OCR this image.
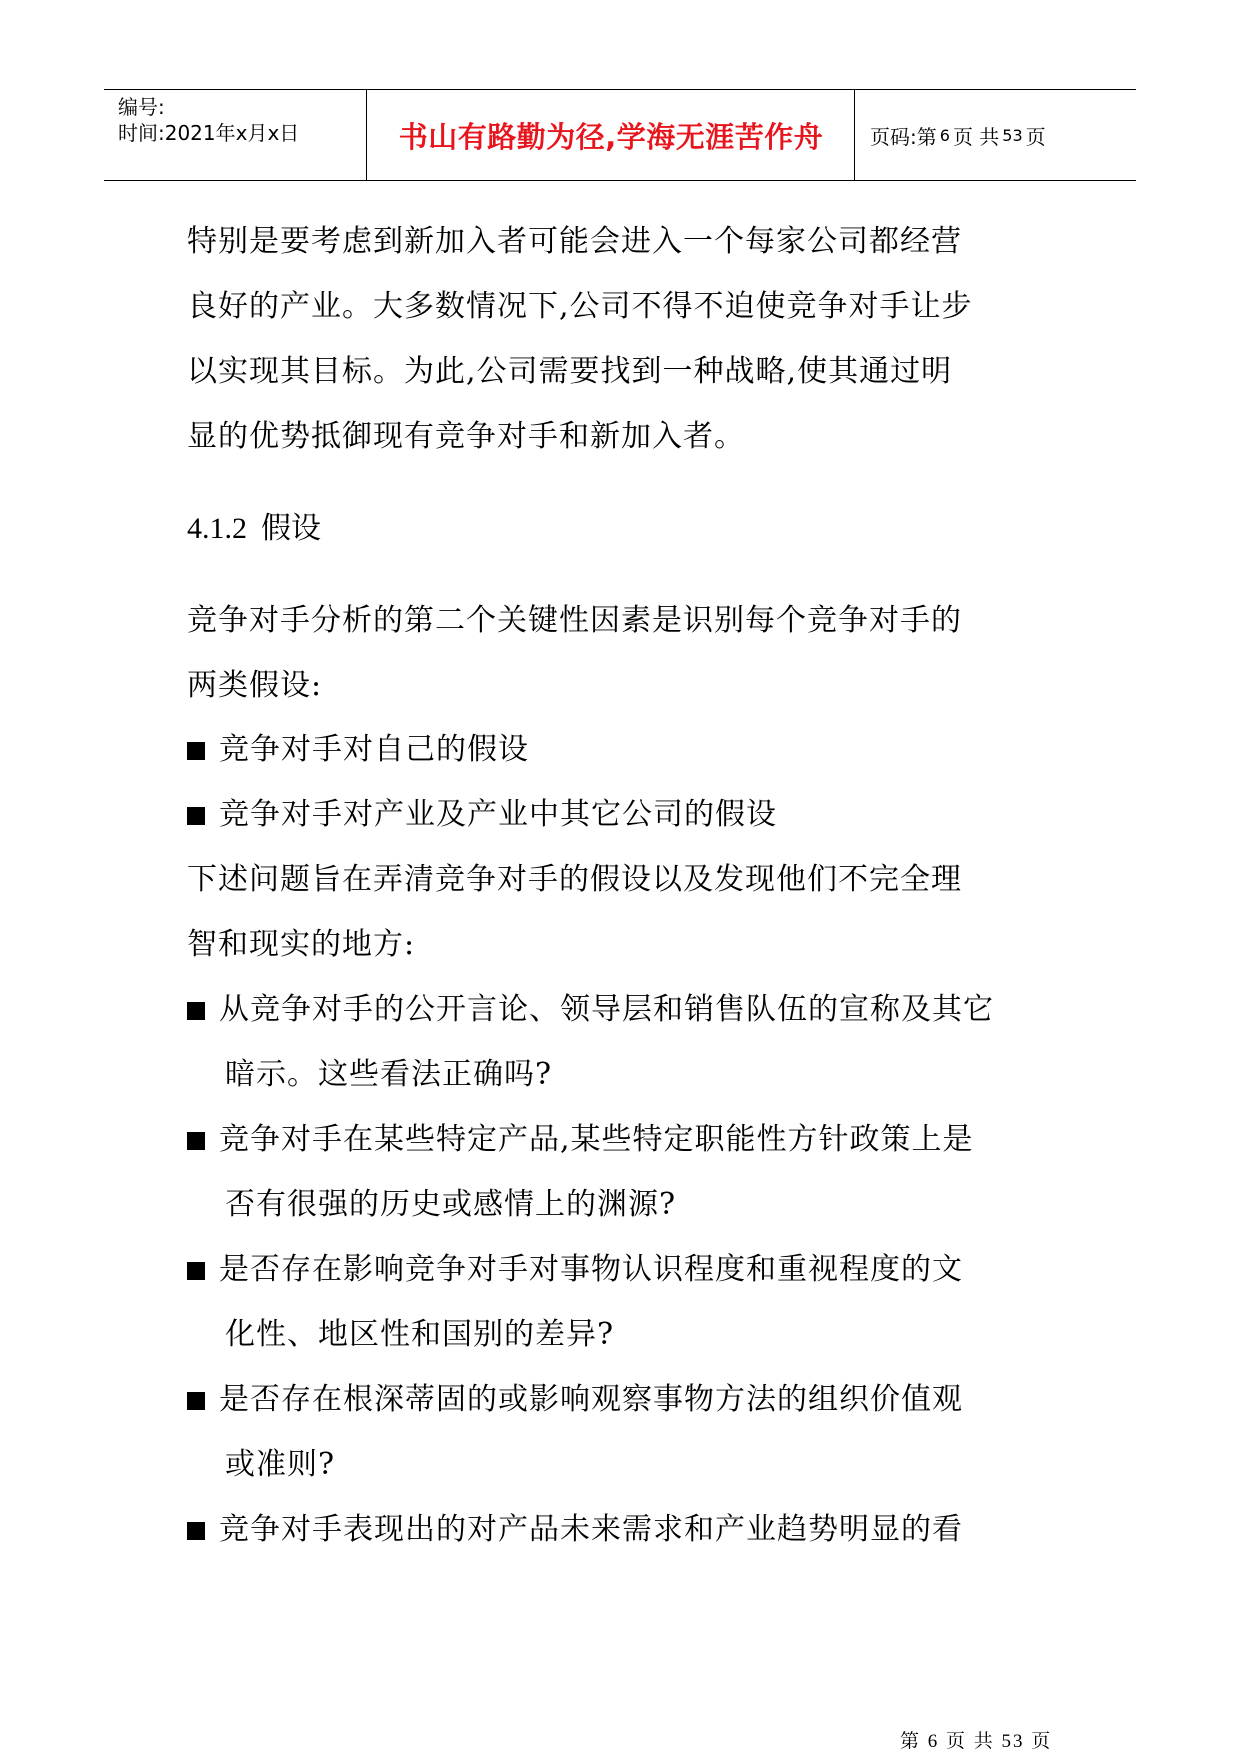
编号:
时间:2021年x月x日	书山有路勤为径,学海无涯苦作舟	页码:第 6 页 共 53 页
特别是要考虑到新加入者可能会进入一个每家公司都经营
良好的产业。大多数情况下,公司不得不迫使竞争对手让步
以实现其目标。为此,公司需要找到一种战略,使其通过明
显的优势抵御现有竞争对手和新加入者。
4.1.2 假设
竞争对手分析的第二个关键性因素是识别每个竞争对手的
两类假设:
竞争对手对自己的假设
竞争对手对产业及产业中其它公司的假设
下述问题旨在弄清竞争对手的假设以及发现他们不完全理
智和现实的地方:
从竞争对手的公开言论、领导层和销售队伍的宣称及其它
暗示。这些看法正确吗?
竞争对手在某些特定产品,某些特定职能性方针政策上是
否有很强的历史或感情上的渊源?
是否存在影响竞争对手对事物认识程度和重视程度的文
化性、地区性和国别的差异?
是否存在根深蒂固的或影响观察事物方法的组织价值观
或准则?
竞争对手表现出的对产品未来需求和产业趋势明显的看
第 6 页 共 53 页
